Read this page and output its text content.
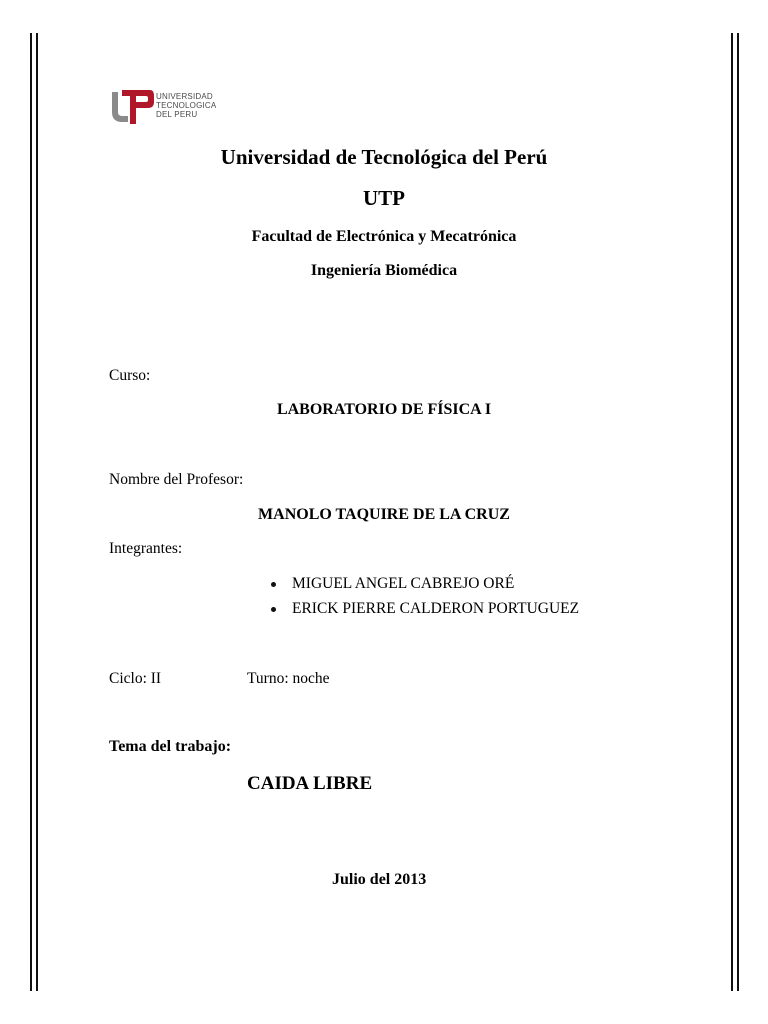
UNIVERSIDAD
TECNOLOGICA
DEL PERU
Universidad de Tecnológica del Perú
UTP
Facultad de Electrónica y Mecatrónica
Ingeniería Biomédica
Curso:
LABORATORIO DE FÍSICA I
Nombre del Profesor:
MANOLO TAQUIRE DE LA CRUZ
Integrantes:
MIGUEL ANGEL CABREJO ORÉ
ERICK PIERRE CALDERON PORTUGUEZ
Ciclo: II	Turno: noche
Tema del trabajo:
CAIDA LIBRE
Julio del 2013
